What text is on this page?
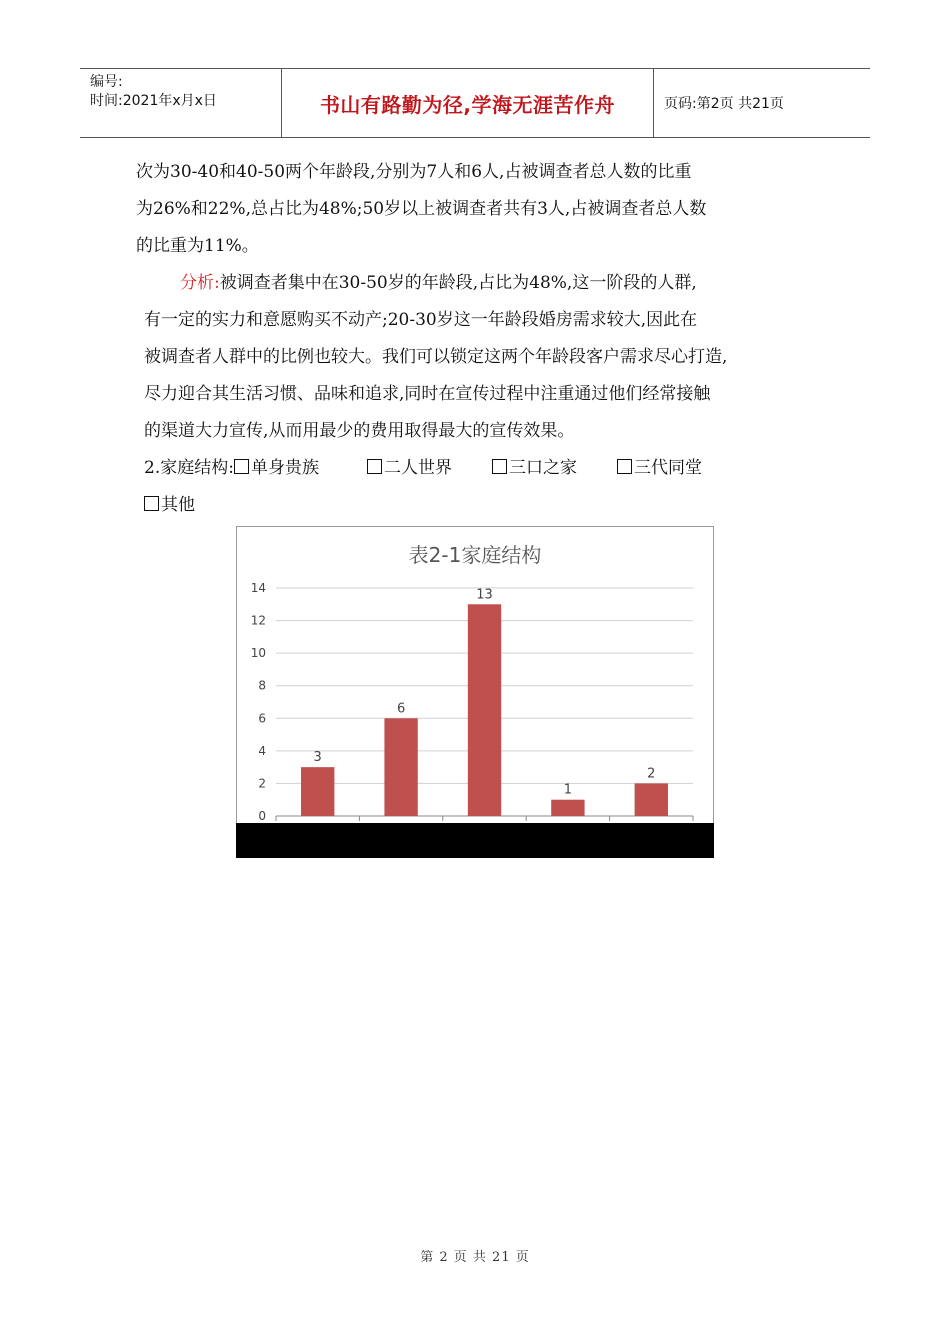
编号:
时间:2021年x月x日	书山有路勤为径,学海无涯苦作舟	页码:第2页 共21页
次为30-40和40-50两个年龄段,分别为7人和6人,占被调查者总人数的比重
为26%和22%,总占比为48%;50岁以上被调查者共有3人,占被调查者总人数
的比重为11%。
分析:被调查者集中在30-50岁的年龄段,占比为48%,这一阶段的人群,
有一定的实力和意愿购买不动产;20-30岁这一年龄段婚房需求较大,因此在
被调查者人群中的比例也较大。我们可以锁定这两个年龄段客户需求尽心打造,
尽力迎合其生活习惯、品味和追求,同时在宣传过程中注重通过他们经常接触
的渠道大力宣传,从而用最少的费用取得最大的宣传效果。
2.家庭结构: 单身贵族	二人世界	三口之家	三代同堂
其他
表2-1家庭结构
0
2
4
6
8
10
12
14
3
6
13
1
2
第 2 页 共 21 页
